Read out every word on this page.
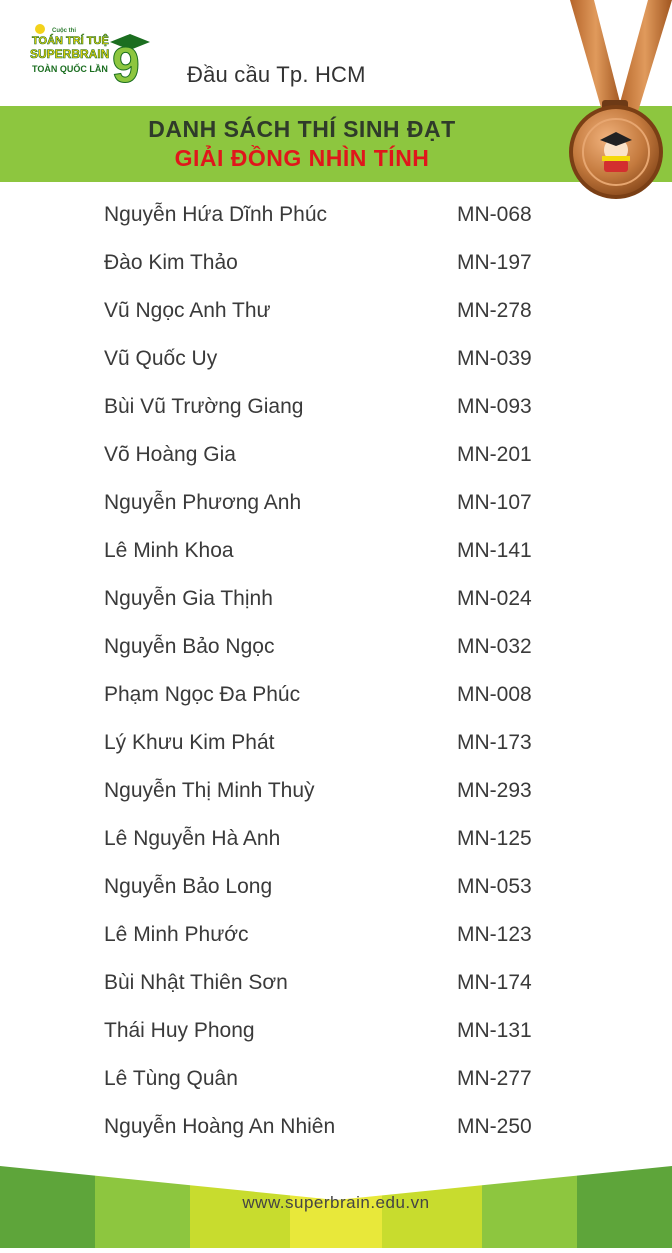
Cuộc thi
TOÁN TRÍ TUỆ
SUPERBRAIN
TOÀN QUỐC LẦN 9 Đầu cầu Tp. HCM
DANH SÁCH THÍ SINH ĐẠT
GIẢI ĐỒNG NHÌN TÍNH
Nguyễn Hứa Dĩnh Phúc	MN-068
Đào Kim Thảo	MN-197
Vũ Ngọc Anh Thư	MN-278
Vũ Quốc Uy	MN-039
Bùi Vũ Trường Giang	MN-093
Võ Hoàng Gia	MN-201
Nguyễn Phương Anh	MN-107
Lê Minh Khoa	MN-141
Nguyễn Gia Thịnh	MN-024
Nguyễn Bảo Ngọc	MN-032
Phạm Ngọc Đa Phúc	MN-008
Lý Khưu Kim Phát	MN-173
Nguyễn Thị Minh Thuỳ	MN-293
Lê Nguyễn Hà Anh	MN-125
Nguyễn Bảo Long	MN-053
Lê Minh Phước	MN-123
Bùi Nhật Thiên Sơn	MN-174
Thái Huy Phong	MN-131
Lê Tùng Quân	MN-277
Nguyễn Hoàng An Nhiên	MN-250
www.superbrain.edu.vn
